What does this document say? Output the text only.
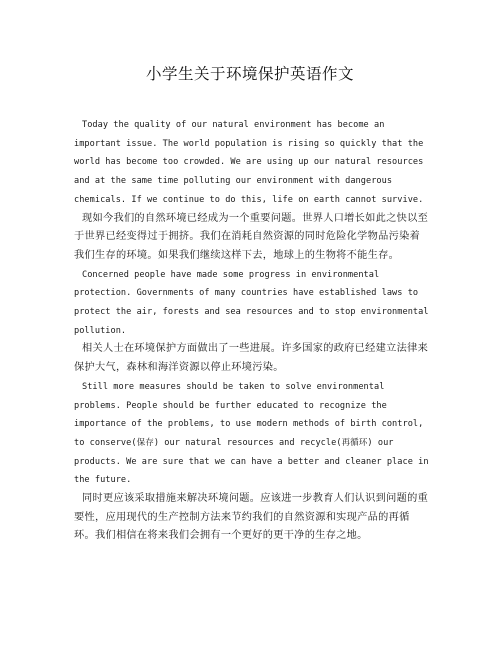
小学生关于环境保护英语作文

Today the quality of our natural environment has become an important issue. The world population is rising so quickly that the world has become too crowded. We are using up our natural resources and at the same time polluting our environment with dangerous chemicals. If we continue to do this, life on earth cannot survive.

现如今我们的自然环境已经成为一个重要问题。世界人口增长如此之快以至于世界已经变得过于拥挤。我们在消耗自然资源的同时危险化学物品污染着我们生存的环境。如果我们继续这样下去，地球上的生物将不能生存。

Concerned people have made some progress in environmental protection. Governments of many countries have established laws to protect the air, forests and sea resources and to stop environmental pollution.

相关人士在环境保护方面做出了一些进展。许多国家的政府已经建立法律来保护大气，森林和海洋资源以停止环境污染。

Still more measures should be taken to solve environmental problems. People should be further educated to recognize the importance of the problems, to use modern methods of birth control, to conserve(保存) our natural resources and recycle(再循环) our products. We are sure that we can have a better and cleaner place in the future.

同时更应该采取措施来解决环境问题。应该进一步教育人们认识到问题的重要性，应用现代的生产控制方法来节约我们的自然资源和实现产品的再循环。我们相信在将来我们会拥有一个更好的更干净的生存之地。
